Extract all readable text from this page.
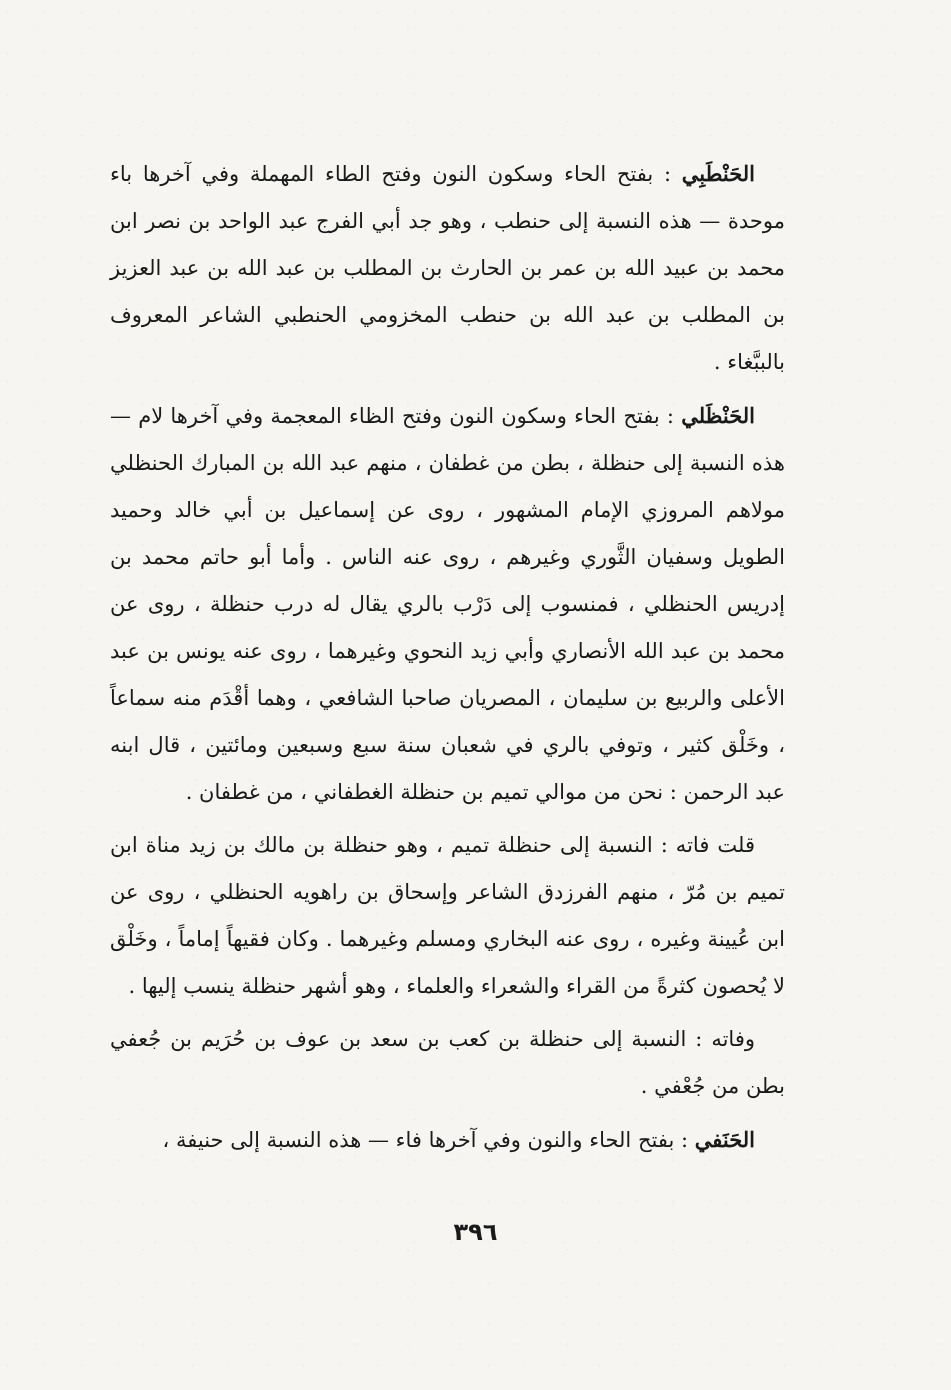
الحَنْطَبِي : بفتح الحاء وسكون النون وفتح الطاء المهملة وفي آخرها باء موحدة — هذه النسبة إلى حنطب ، وهو جد أبي الفرج عبد الواحد بن نصر ابن محمد بن عبيد الله بن عمر بن الحارث بن المطلب بن عبد الله بن عبد العزيز بن المطلب بن عبد الله بن حنطب المخزومي الحنطبي الشاعر المعروف بالببَّغاء .

الحَنْظَلي : بفتح الحاء وسكون النون وفتح الظاء المعجمة وفي آخرها لام — هذه النسبة إلى حنظلة ، بطن من غطفان ، منهم عبد الله بن المبارك الحنظلي مولاهم المروزي الإمام المشهور ، روى عن إسماعيل بن أبي خالد وحميد الطويل وسفيان الثَّوري وغيرهم ، روى عنه الناس . وأما أبو حاتم محمد بن إدريس الحنظلي ، فمنسوب إلى دَرْب بالري يقال له درب حنظلة ، روى عن محمد بن عبد الله الأنصاري وأبي زيد النحوي وغيرهما ، روى عنه يونس بن عبد الأعلى والربيع بن سليمان ، المصريان صاحبا الشافعي ، وهما أقْدَم منه سماعاً ، وخَلْق كثير ، وتوفي بالري في شعبان سنة سبع وسبعين ومائتين ، قال ابنه عبد الرحمن : نحن من موالي تميم بن حنظلة الغطفاني ، من غطفان .

قلت فاته : النسبة إلى حنظلة تميم ، وهو حنظلة بن مالك بن زيد مناة ابن تميم بن مُرّ ، منهم الفرزدق الشاعر وإسحاق بن راهويه الحنظلي ، روى عن ابن عُيينة وغيره ، روى عنه البخاري ومسلم وغيرهما . وكان فقيهاً إماماً ، وخَلْق لا يُحصون كثرةً من القراء والشعراء والعلماء ، وهو أشهر حنظلة ينسب إليها .

وفاته : النسبة إلى حنظلة بن كعب بن سعد بن عوف بن حُرَيم بن جُعفي بطن من جُعْفي .

الحَنَفي : بفتح الحاء والنون وفي آخرها فاء — هذه النسبة إلى حنيفة ،

٣٩٦
